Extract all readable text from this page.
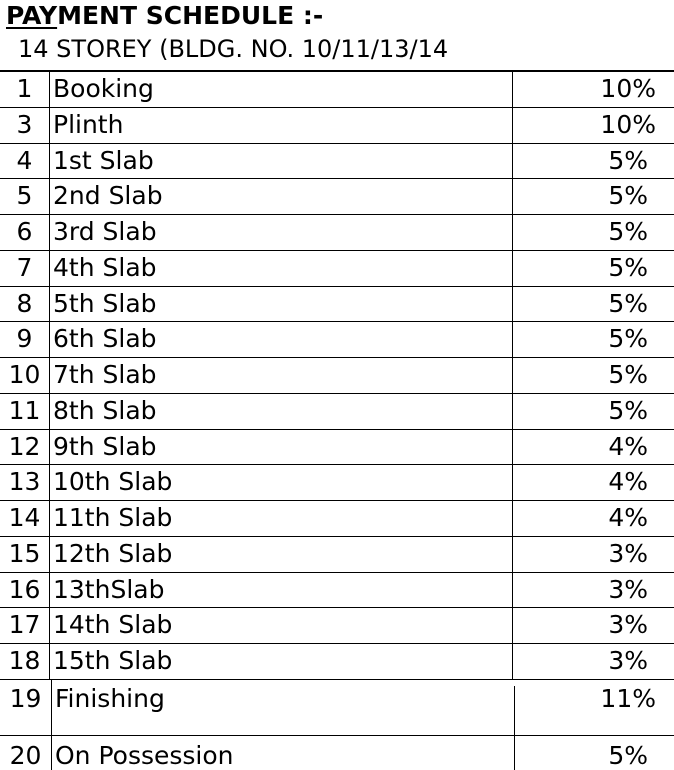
PAYMENT SCHEDULE :-
14 STOREY (BLDG. NO. 10/11/13/14
1 Booking	10%
3 Plinth	10%
4 1st Slab	5%
5 2nd Slab	5%
6 3rd Slab	5%
7 4th Slab	5%
8 5th Slab	5%
9 6th Slab	5%
10 7th Slab	5%
11 8th Slab	5%
12 9th Slab	4%
13 10th Slab	4%
14 11th Slab	4%
15 12th Slab	3%
16 13thSlab	3%
17 14th Slab	3%
18 15th Slab	3%
19 Finishing	11%
20 On Possession	5%
